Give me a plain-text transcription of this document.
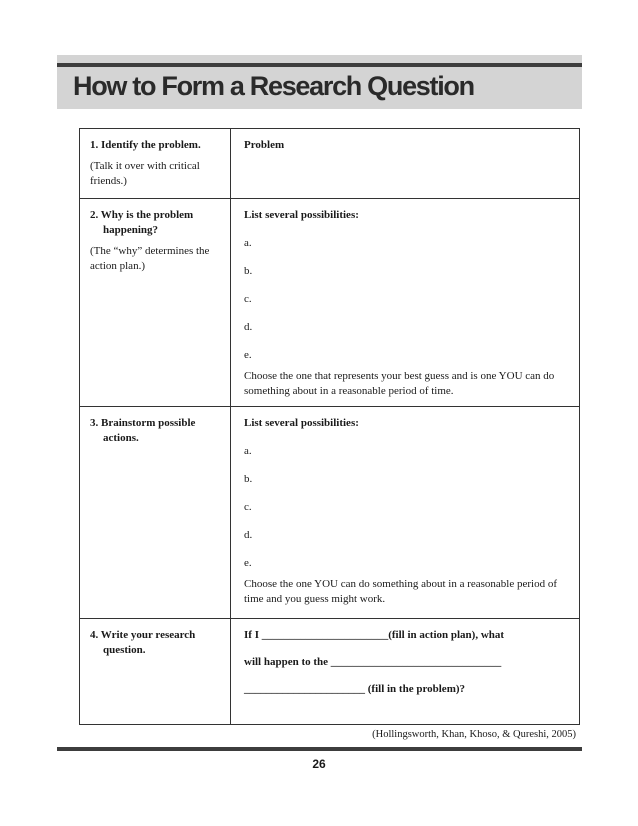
How to Form a Research Question
1. Identify the problem.
(Talk it over with critical friends.)
Problem
2. Why is the problem
happening?
(The “why” determines the action plan.)
List several possibilities:
a.
b.
c.
d.
e.
Choose the one that represents your best guess and is one YOU can do something about in a reasonable period of time.
3. Brainstorm possible
actions.
List several possibilities:
a.
b.
c.
d.
e.
Choose the one YOU can do something about in a reasonable period of time and you guess might work.
4. Write your research
question.
If I _______________________(fill in action plan), what
will happen to the _______________________________
______________________ (fill in the problem)?
(Hollingsworth, Khan, Khoso, & Qureshi, 2005)
26
